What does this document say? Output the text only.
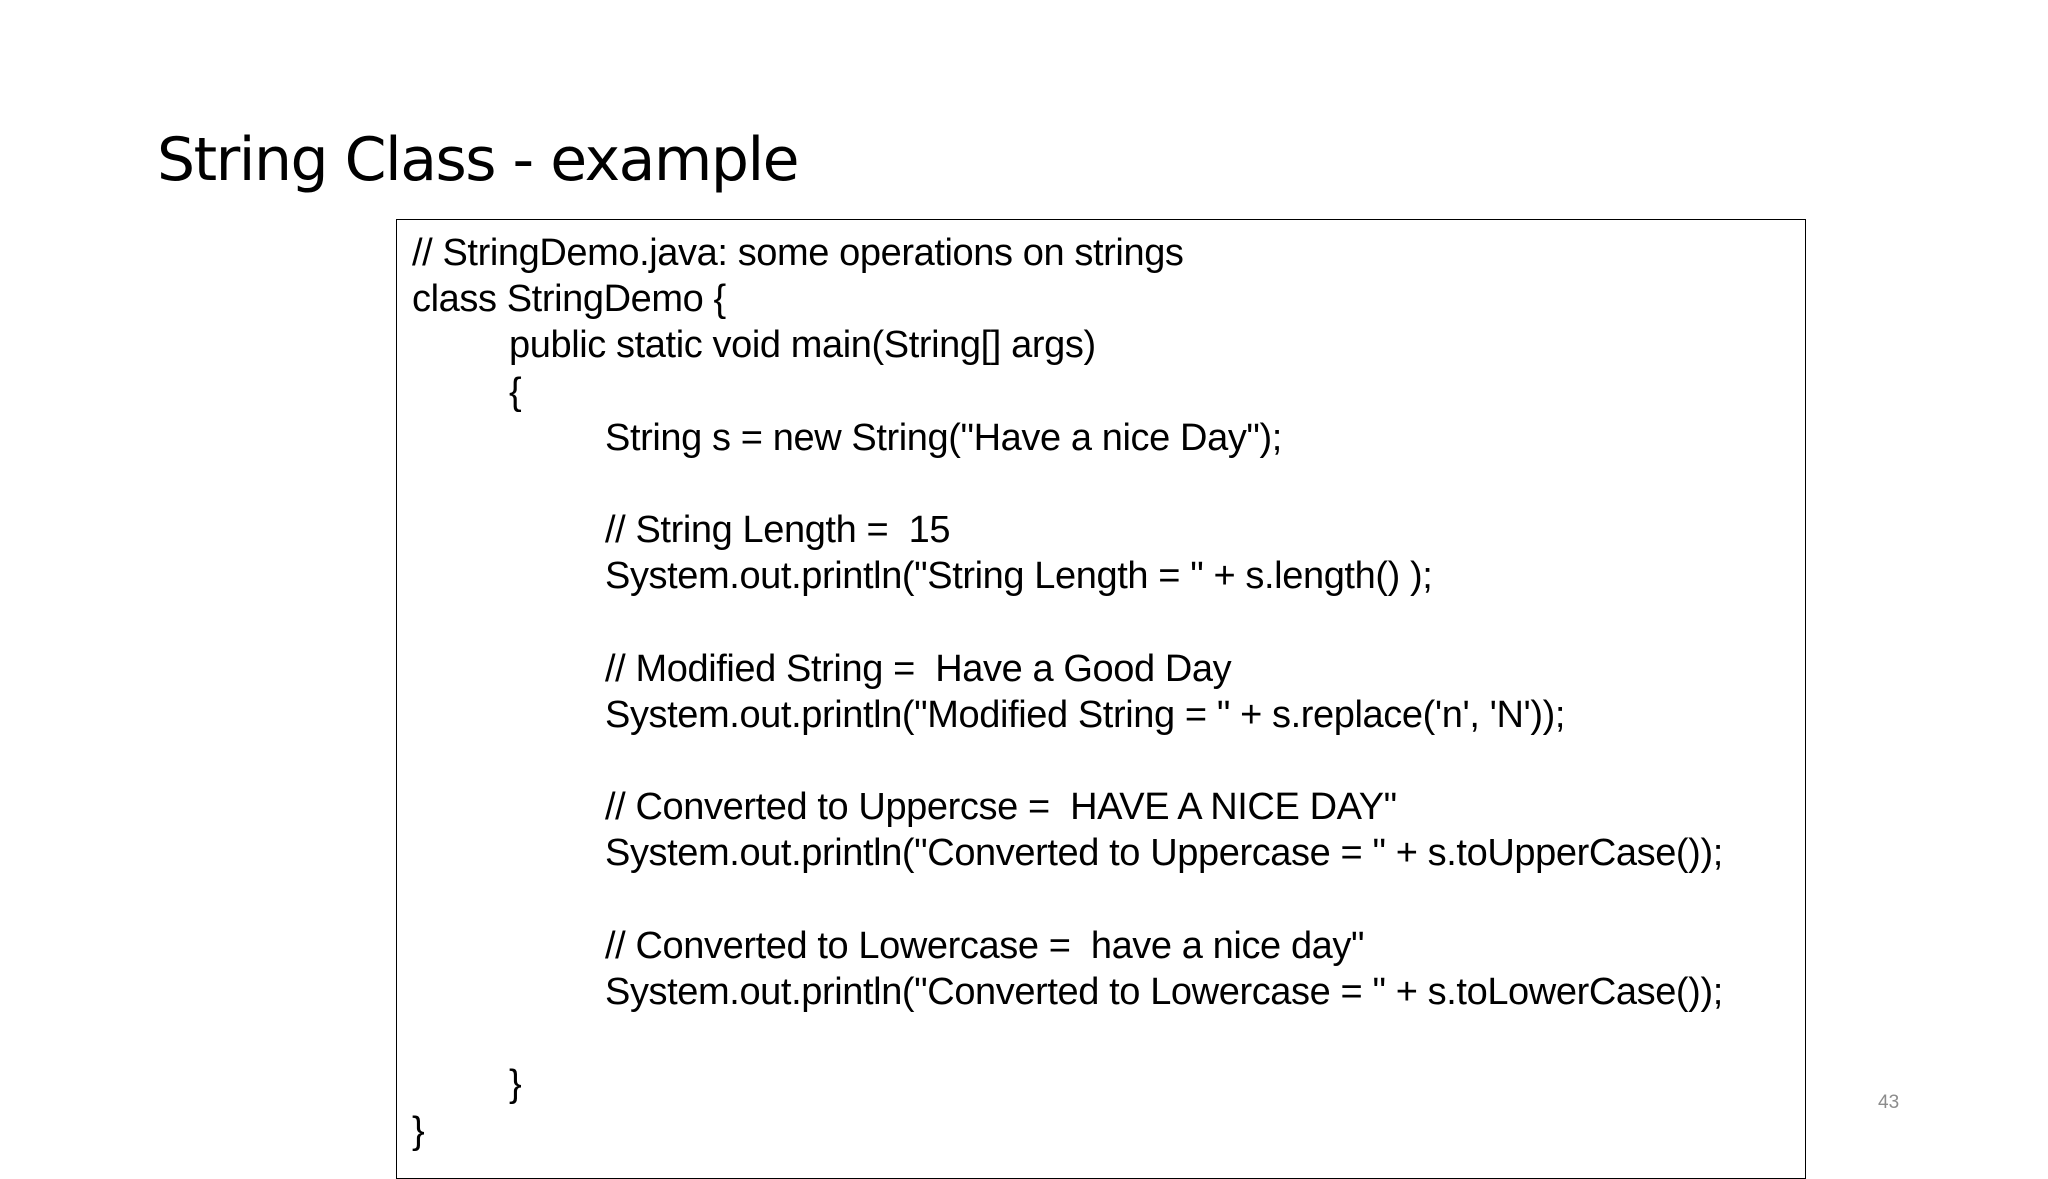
String Class - example
// StringDemo.java: some operations on strings
class StringDemo {
public static void main(String[] args)
{
String s = new String("Have a nice Day");
// String Length =  15
System.out.println("String Length = " + s.length() );
// Modified String =  Have a Good Day
System.out.println("Modified String = " + s.replace('n', 'N'));
// Converted to Uppercse =  HAVE A NICE DAY"
System.out.println("Converted to Uppercase = " + s.toUpperCase());
// Converted to Lowercase =  have a nice day"
System.out.println("Converted to Lowercase = " + s.toLowerCase());
}
}
43
